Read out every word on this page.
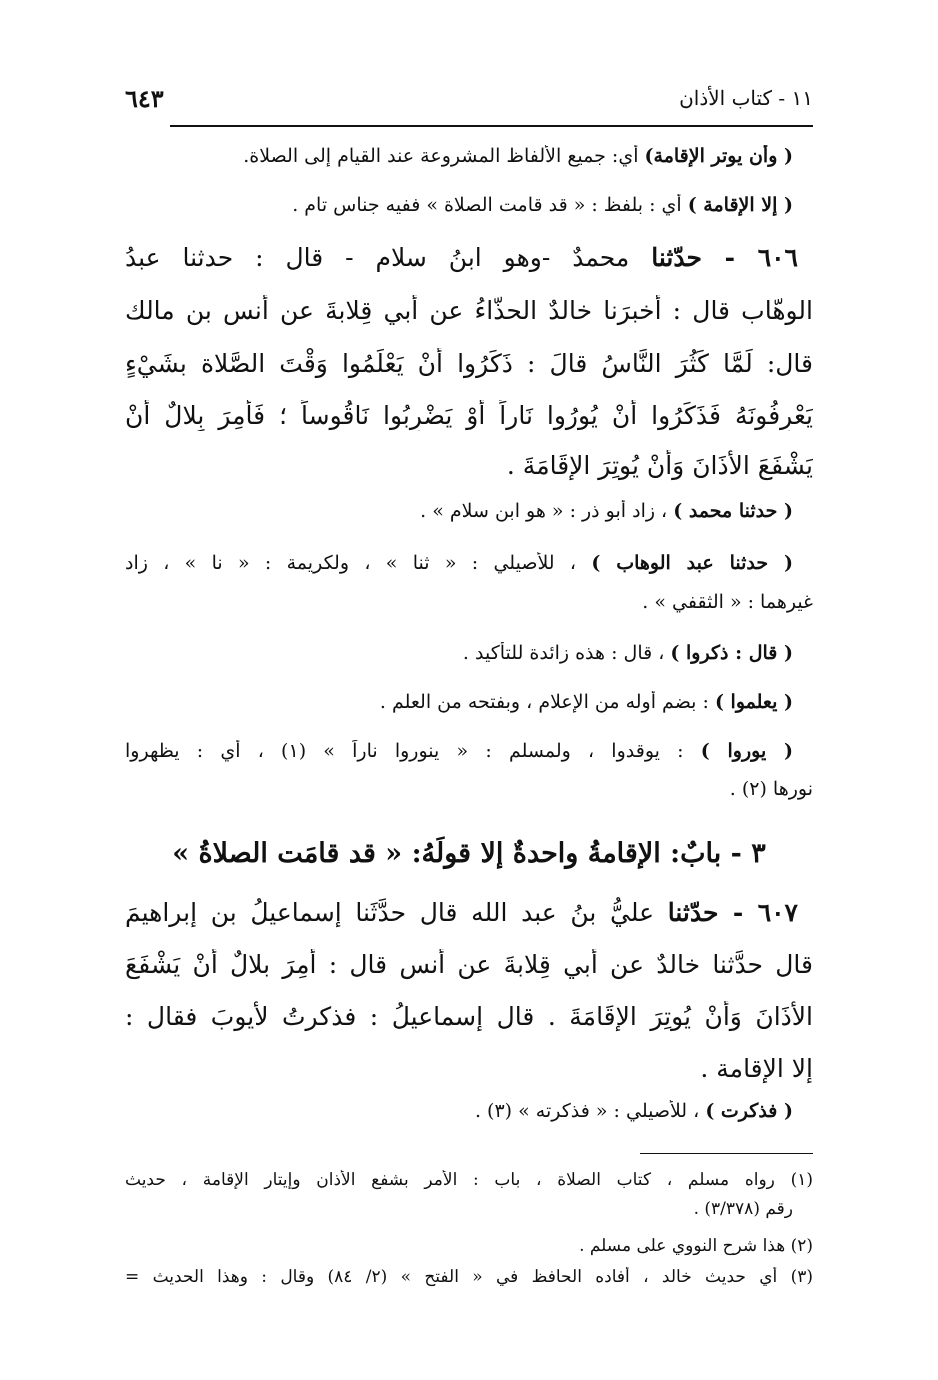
٦٤٣	١١ - كتاب الأذان
( وأن يوتر الإقامة) أي: جميع الألفاظ المشروعة عند القيام إلى الصلاة.
( إلا الإقامة ) أي : بلفظ : « قد قامت الصلاة » ففيه جناس تام .
٦٠٦ - حدّثنا محمدٌ -وهو ابنُ سلامٍ - قال : حدثنا عبدُ
الوهّاب قال : أخبرَنا خالدٌ الحذّاءُ عن أبي قِلابةَ عن أنسِ بنِ مالك
قال: لَمَّا كَثُرَ النَّاسُ قالَ : ذَكَرُوا أَنْ يَعْلَمُوا وَقْتَ الصَّلاة بشَيْءٍ
يَعْرِفُونَهُ فَذَكَرُوا أَنْ يُورُوا نَاراً أَوْ يَضْرِبُوا نَاقُوساً ؛ فَأُمِرَ بِلالٌ أَنْ
يَشْفَعَ الأَذَانَ وَأَنْ يُوتِرَ الإِقَامَةَ .
( حدثنا محمد ) ، زاد أبو ذر : « هو ابن سلام » .
( حدثنا عبد الوهاب ) ، للأصيلي : « ثنا » ، ولكريمة : « نا » ، زاد
غيرهما : « الثقفي » .
( قال : ذكروا ) ، قال : هذه زائدة للتأكيد .
( يعلموا ) : بضم أوله من الإعلام ، وبفتحه من العلم .
( يوروا ) : يوقدوا ، ولمسلم : « ينوروا ناراً » (١) ، أي : يظهروا
نورها (٢) .
٣ - بابٌ: الإقامةُ واحدةٌ إلا قولَهُ: « قد قامَت الصلاةُ »
٦٠٧ - حدّثنا عليُّ بنُ عبد الله قال حدَّثَنا إسماعيلُ بن إبراهيمَ
قال حدَّثنا خالدٌ عن أبي قِلابةَ عن أنسٍ قال : أُمِرَ بلالٌ أنْ يَشْفَعَ
الأَذَانَ وَأَنْ يُوتِرَ الإِقَامَةَ . قال إسماعيلُ : فذكرتُ لأيوبَ فقال :
إلا الإقامة .
( فذكرت ) ، للأصيلي : « فذكرته » (٣) .
(١) رواه مسلم ، كتاب الصلاة ، باب : الأمر بشفع الأذان وإيتار الإقامة ، حديث
رقم (٣/٣٧٨) .
(٢) هذا شرح النووي على مسلم .
(٣) أي حديث خالد ، أفاده الحافظ في « الفتح » (٢/ ٨٤) وقال : وهذا الحديث =
